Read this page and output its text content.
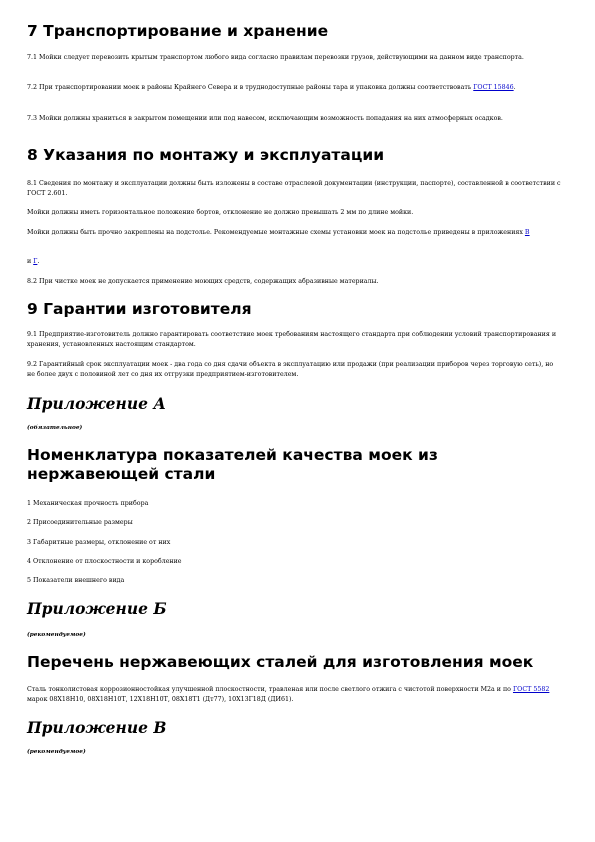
7 Транспортирование и хранение

7.1 Мойки следует перевозить крытым транспортом любого вида согласно правилам перевозки грузов, действующими на данном виде транспорта.

7.2 При транспортировании моек в районы Крайнего Севера и в труднодоступные районы тара и упаковка должны соответствовать ГОСТ 15846.

7.3 Мойки должны храниться в закрытом помещении или под навесом, исключающим возможность попадания на них атмосферных осадков.

8 Указания по монтажу и эксплуатации

8.1 Сведения по монтажу и эксплуатации должны быть изложены в составе отраслевой документации (инструкции, паспорте), составленной в соответствии с ГОСТ 2.601.

Мойки должны иметь горизонтальное положение бортов, отклонение не должно превышать 2 мм по длине мойки.

Мойки должны быть прочно закреплены на подстолье. Рекомендуемые монтажные схемы установки моек на подстолье приведены в приложениях В

и Г.

8.2 При чистке моек не допускается применение моющих средств, содержащих абразивные материалы.

9 Гарантии изготовителя

9.1 Предприятие-изготовитель должно гарантировать соответствие моек требованиям настоящего стандарта при соблюдении условий транспортирования и хранения, установленных настоящим стандартом.

9.2 Гарантийный срок эксплуатации моек - два года со дня сдачи объекта в эксплуатацию или продажи (при реализации приборов через торговую сеть), но не более двух с половиной лет со дня их отгрузки предприятием-изготовителем.

Приложение А

(обязательное)

Номенклатура показателей качества моек из нержавеющей стали

1 Механическая прочность прибора

2 Присоединительные размеры

3 Габаритные размеры, отклонение от них

4 Отклонение от плоскостности и коробление

5 Показатели внешнего вида

Приложение Б

(рекомендуемое)

Перечень нержавеющих сталей для изготовления моек

Сталь тонколистовая коррозионностойкая улучшенной плоскостности, травленая или после светлого отжига с чистотой поверхности М2а и по ГОСТ 5582 марок 08Х18Н10, 08Х18Н10Т, 12Х18Н10Т, 08Х18Т1 (Дт77), 10Х13Г18Д (ДИ61).

Приложение В

(рекомендуемое)
